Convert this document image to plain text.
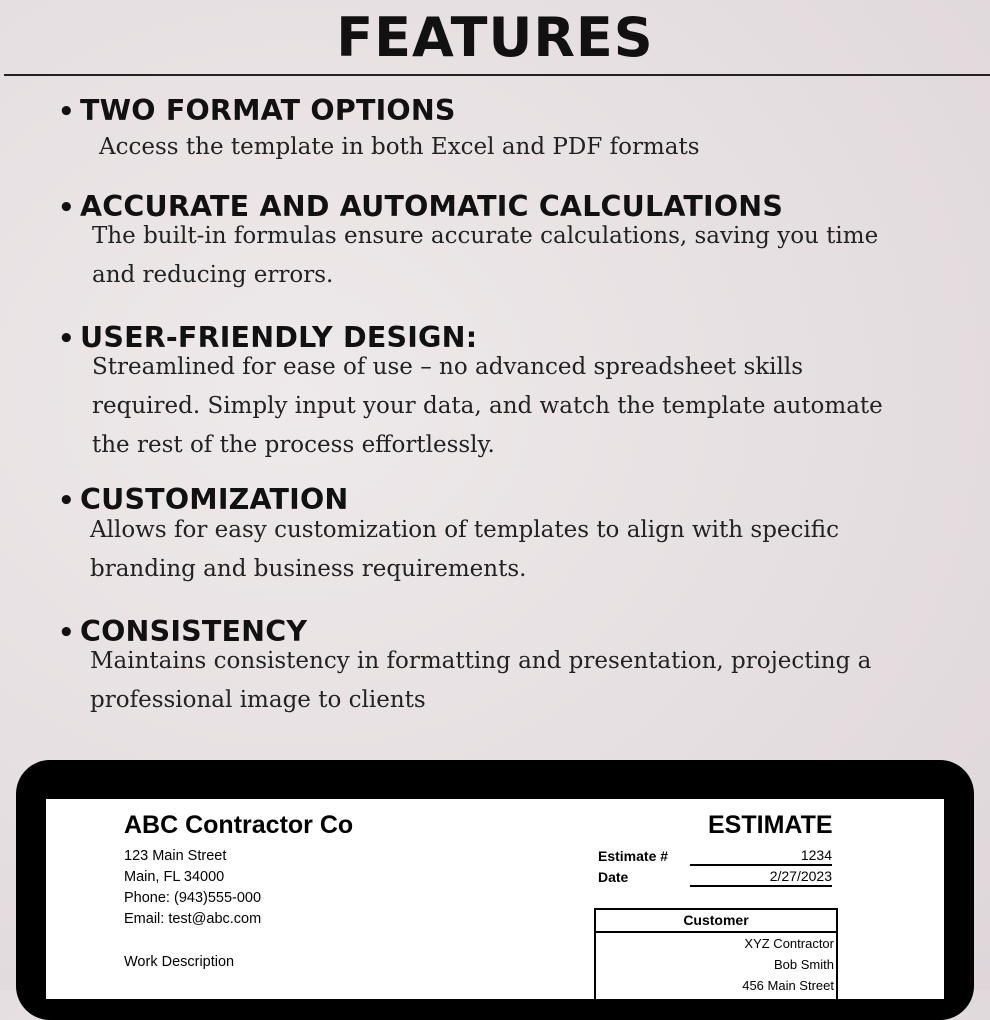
FEATURES
• TWO FORMAT OPTIONS
Access the template in both Excel and PDF formats
• ACCURATE AND AUTOMATIC CALCULATIONS
The built-in formulas ensure accurate calculations, saving you time
and reducing errors.
• USER-FRIENDLY DESIGN:
Streamlined for ease of use – no advanced spreadsheet skills
required. Simply input your data, and watch the template automate
the rest of the process effortlessly.
• CUSTOMIZATION
Allows for easy customization of templates to align with specific
branding and business requirements.
• CONSISTENCY
Maintains consistency in formatting and presentation, projecting a
professional image to clients
ABC Contractor Co
123 Main Street
Main, FL 34000
Phone: (943)555-000
Email: test@abc.com
Work Description
ESTIMATE
Estimate #	1234
Date	2/27/2023
Customer
XYZ Contractor
Bob Smith
456 Main Street
